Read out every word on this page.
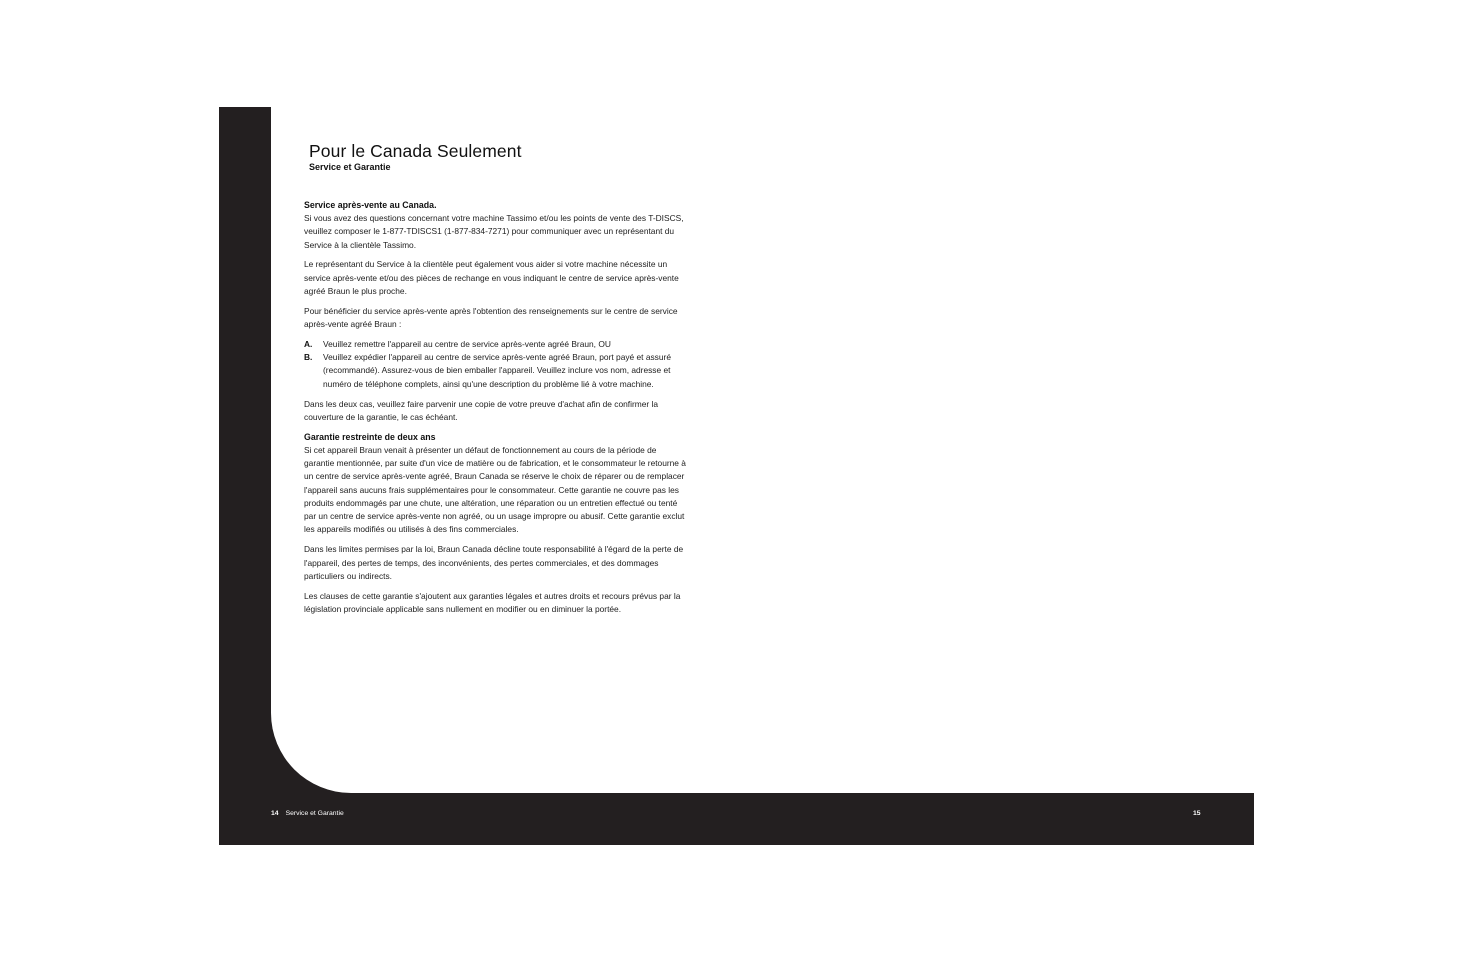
Pour le Canada Seulement
Service et Garantie
Service après-vente au Canada.

Si vous avez des questions concernant votre machine Tassimo et/ou les points de vente des T-DISCS, veuillez composer le 1-877-TDISCS1 (1-877-834-7271) pour communiquer avec un représentant du Service à la clientèle Tassimo.

Le représentant du Service à la clientèle peut également vous aider si votre machine nécessite un service après-vente et/ou des pièces de rechange en vous indiquant le centre de service après-vente agréé Braun le plus proche.

Pour bénéficier du service après-vente après l'obtention des renseignements sur le centre de service après-vente agréé Braun :

A.	Veuillez remettre l'appareil au centre de service après-vente agréé Braun, OU
B.	Veuillez expédier l'appareil au centre de service après-vente agréé Braun, port payé et assuré (recommandé). Assurez-vous de bien emballer l'appareil. Veuillez inclure vos nom, adresse et numéro de téléphone complets, ainsi qu'une description du problème lié à votre machine.

Dans les deux cas, veuillez faire parvenir une copie de votre preuve d'achat afin de confirmer la couverture de la garantie, le cas échéant.

Garantie restreinte de deux ans

Si cet appareil Braun venait à présenter un défaut de fonctionnement au cours de la période de garantie mentionnée, par suite d'un vice de matière ou de fabrication, et le consommateur le retourne à un centre de service après-vente agréé, Braun Canada se réserve le choix de réparer ou de remplacer l'appareil sans aucuns frais supplémentaires pour le consommateur. Cette garantie ne couvre pas les produits endommagés par une chute, une altération, une réparation ou un entretien effectué ou tenté par un centre de service après-vente non agréé, ou un usage impropre ou abusif. Cette garantie exclut les appareils modifiés ou utilisés à des fins commerciales.

Dans les limites permises par la loi, Braun Canada décline toute responsabilité à l'égard de la perte de l'appareil, des pertes de temps, des inconvénients, des pertes commerciales, et des dommages particuliers ou indirects.

Les clauses de cette garantie s'ajoutent aux garanties légales et autres droits et recours prévus par la législation provinciale applicable sans nullement en modifier ou en diminuer la portée.

14 Service et Garantie	15
